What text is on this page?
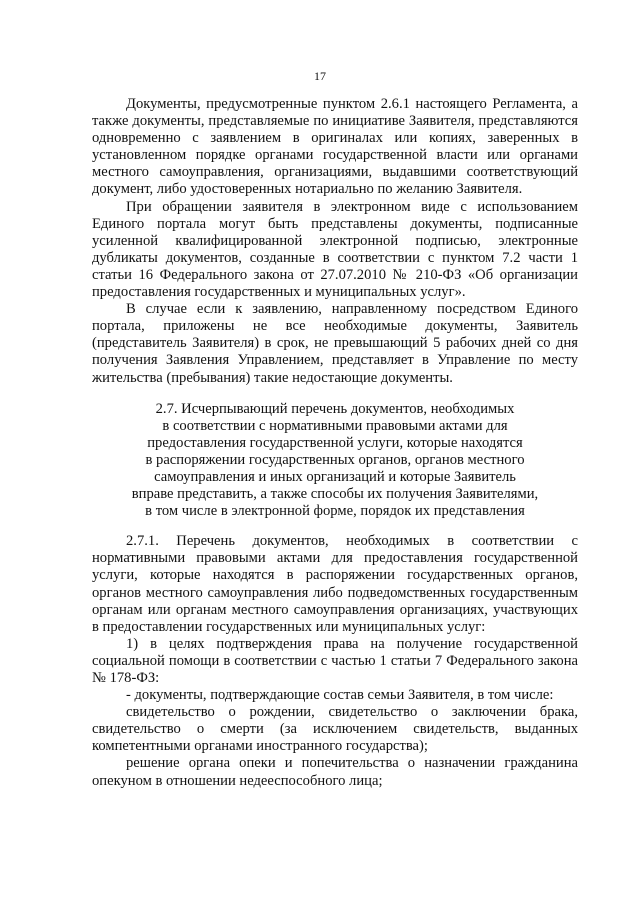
17

Документы, предусмотренные пунктом 2.6.1 настоящего Регламента, а также документы, представляемые по инициативе Заявителя, представляются одновременно с заявлением в оригиналах или копиях, заверенных в установленном порядке органами государственной власти или органами местного самоуправления, организациями, выдавшими соответствующий документ, либо удостоверенных нотариально по желанию Заявителя.

При обращении заявителя в электронном виде с использованием Единого портала могут быть представлены документы, подписанные усиленной квалифицированной электронной подписью, электронные дубликаты документов, созданные в соответствии с пунктом 7.2 части 1 статьи 16 Федерального закона от 27.07.2010 № 210-ФЗ «Об организации предоставления государственных и муниципальных услуг».

В случае если к заявлению, направленному посредством Единого портала, приложены не все необходимые документы, Заявитель (представитель Заявителя) в срок, не превышающий 5 рабочих дней со дня получения Заявления Управлением, представляет в Управление по месту жительства (пребывания) такие недостающие документы.

2.7. Исчерпывающий перечень документов, необходимых
в соответствии с нормативными правовыми актами для
предоставления государственной услуги, которые находятся
в распоряжении государственных органов, органов местного
самоуправления и иных организаций и которые Заявитель
вправе представить, а также способы их получения Заявителями,
в том числе в электронной форме, порядок их представления

2.7.1. Перечень документов, необходимых в соответствии с нормативными правовыми актами для предоставления государственной услуги, которые находятся в распоряжении государственных органов, органов местного самоуправления либо подведомственных государственным органам или органам местного самоуправления организациях, участвующих в предоставлении государственных или муниципальных услуг:

1) в целях подтверждения права на получение государственной социальной помощи в соответствии с частью 1 статьи 7 Федерального закона № 178-ФЗ:

- документы, подтверждающие состав семьи Заявителя, в том числе:

свидетельство о рождении, свидетельство о заключении брака, свидетельство о смерти (за исключением свидетельств, выданных компетентными органами иностранного государства);

решение органа опеки и попечительства о назначении гражданина опекуном в отношении недееспособного лица;
